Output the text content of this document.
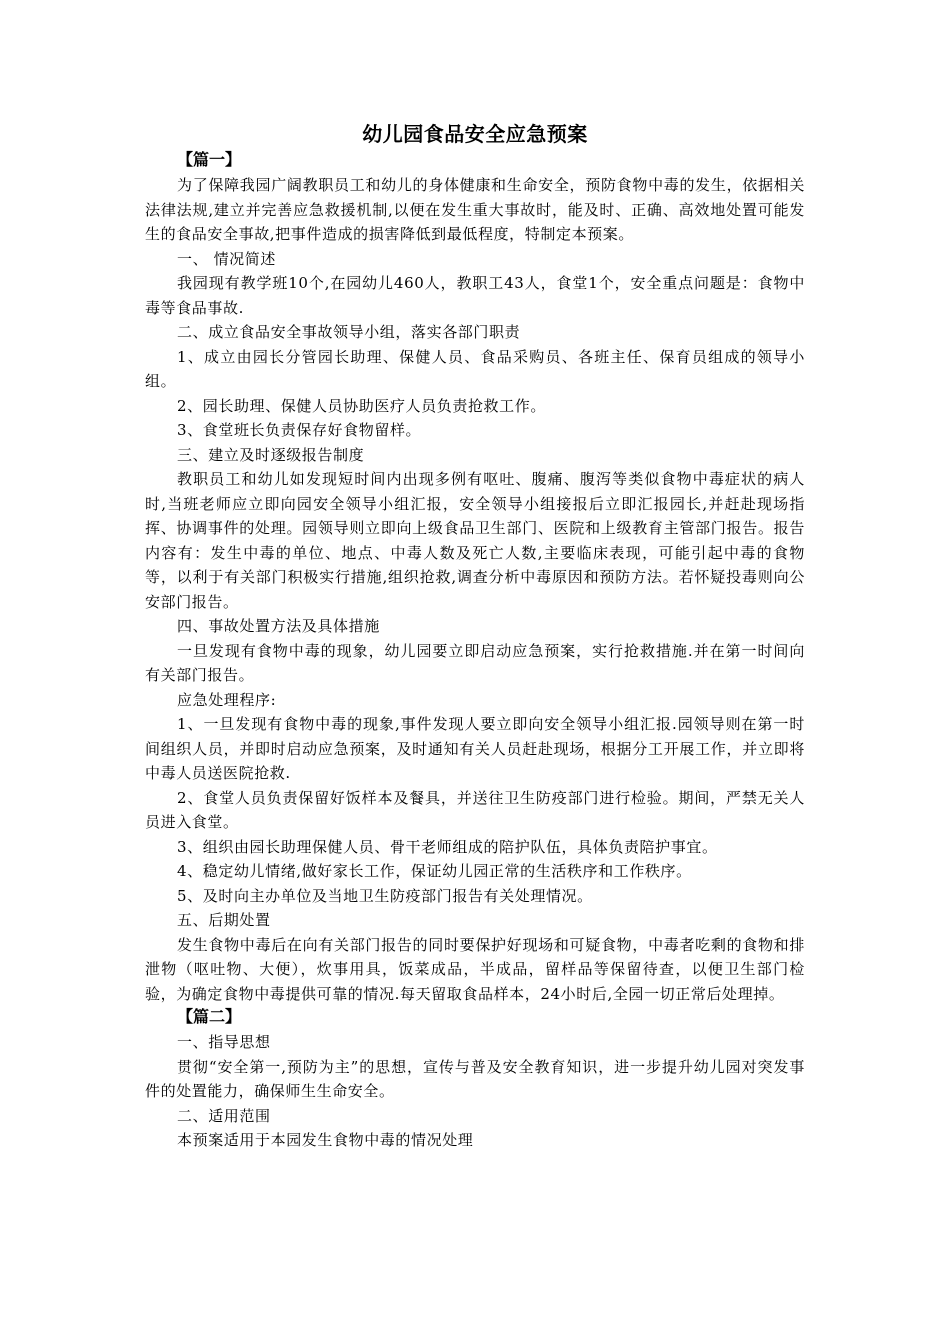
幼儿园食品安全应急预案
【篇一】

为了保障我园广阔教职员工和幼儿的身体健康和生命安全，预防食物中毒的发生，依据相关法律法规,建立并完善应急救援机制,以便在发生重大事故时，能及时、正确、高效地处置可能发生的食品安全事故,把事件造成的损害降低到最低程度，特制定本预案。

一、 情况简述

我园现有教学班10个,在园幼儿460人，教职工43人，食堂1个，安全重点问题是：食物中毒等食品事故.

二、成立食品安全事故领导小组，落实各部门职责

1、成立由园长分管园长助理、保健人员、食品采购员、各班主任、保育员组成的领导小组。

2、园长助理、保健人员协助医疗人员负责抢救工作。

3、食堂班长负责保存好食物留样。

三、建立及时逐级报告制度

教职员工和幼儿如发现短时间内出现多例有呕吐、腹痛、腹泻等类似食物中毒症状的病人时,当班老师应立即向园安全领导小组汇报，安全领导小组接报后立即汇报园长,并赶赴现场指挥、协调事件的处理。园领导则立即向上级食品卫生部门、医院和上级教育主管部门报告。报告内容有：发生中毒的单位、地点、中毒人数及死亡人数,主要临床表现，可能引起中毒的食物等，以利于有关部门积极实行措施,组织抢救,调查分析中毒原因和预防方法。若怀疑投毒则向公安部门报告。

四、事故处置方法及具体措施

一旦发现有食物中毒的现象，幼儿园要立即启动应急预案，实行抢救措施.并在第一时间向有关部门报告。

应急处理程序:

1、一旦发现有食物中毒的现象,事件发现人要立即向安全领导小组汇报.园领导则在第一时间组织人员，并即时启动应急预案，及时通知有关人员赶赴现场，根据分工开展工作，并立即将中毒人员送医院抢救.

2、食堂人员负责保留好饭样本及餐具，并送往卫生防疫部门进行检验。期间，严禁无关人员进入食堂。

3、组织由园长助理保健人员、骨干老师组成的陪护队伍，具体负责陪护事宜。

4、稳定幼儿情绪,做好家长工作，保证幼儿园正常的生活秩序和工作秩序。

5、及时向主办单位及当地卫生防疫部门报告有关处理情况。

五、后期处置

发生食物中毒后在向有关部门报告的同时要保护好现场和可疑食物，中毒者吃剩的食物和排泄物（呕吐物、大便），炊事用具，饭菜成品，半成品，留样品等保留待查，以便卫生部门检验，为确定食物中毒提供可靠的情况.每天留取食品样本，24小时后,全园一切正常后处理掉。

【篇二】

一、指导思想

贯彻“安全第一,预防为主”的思想，宣传与普及安全教育知识，进一步提升幼儿园对突发事件的处置能力，确保师生生命安全。

二、适用范围

本预案适用于本园发生食物中毒的情况处理
